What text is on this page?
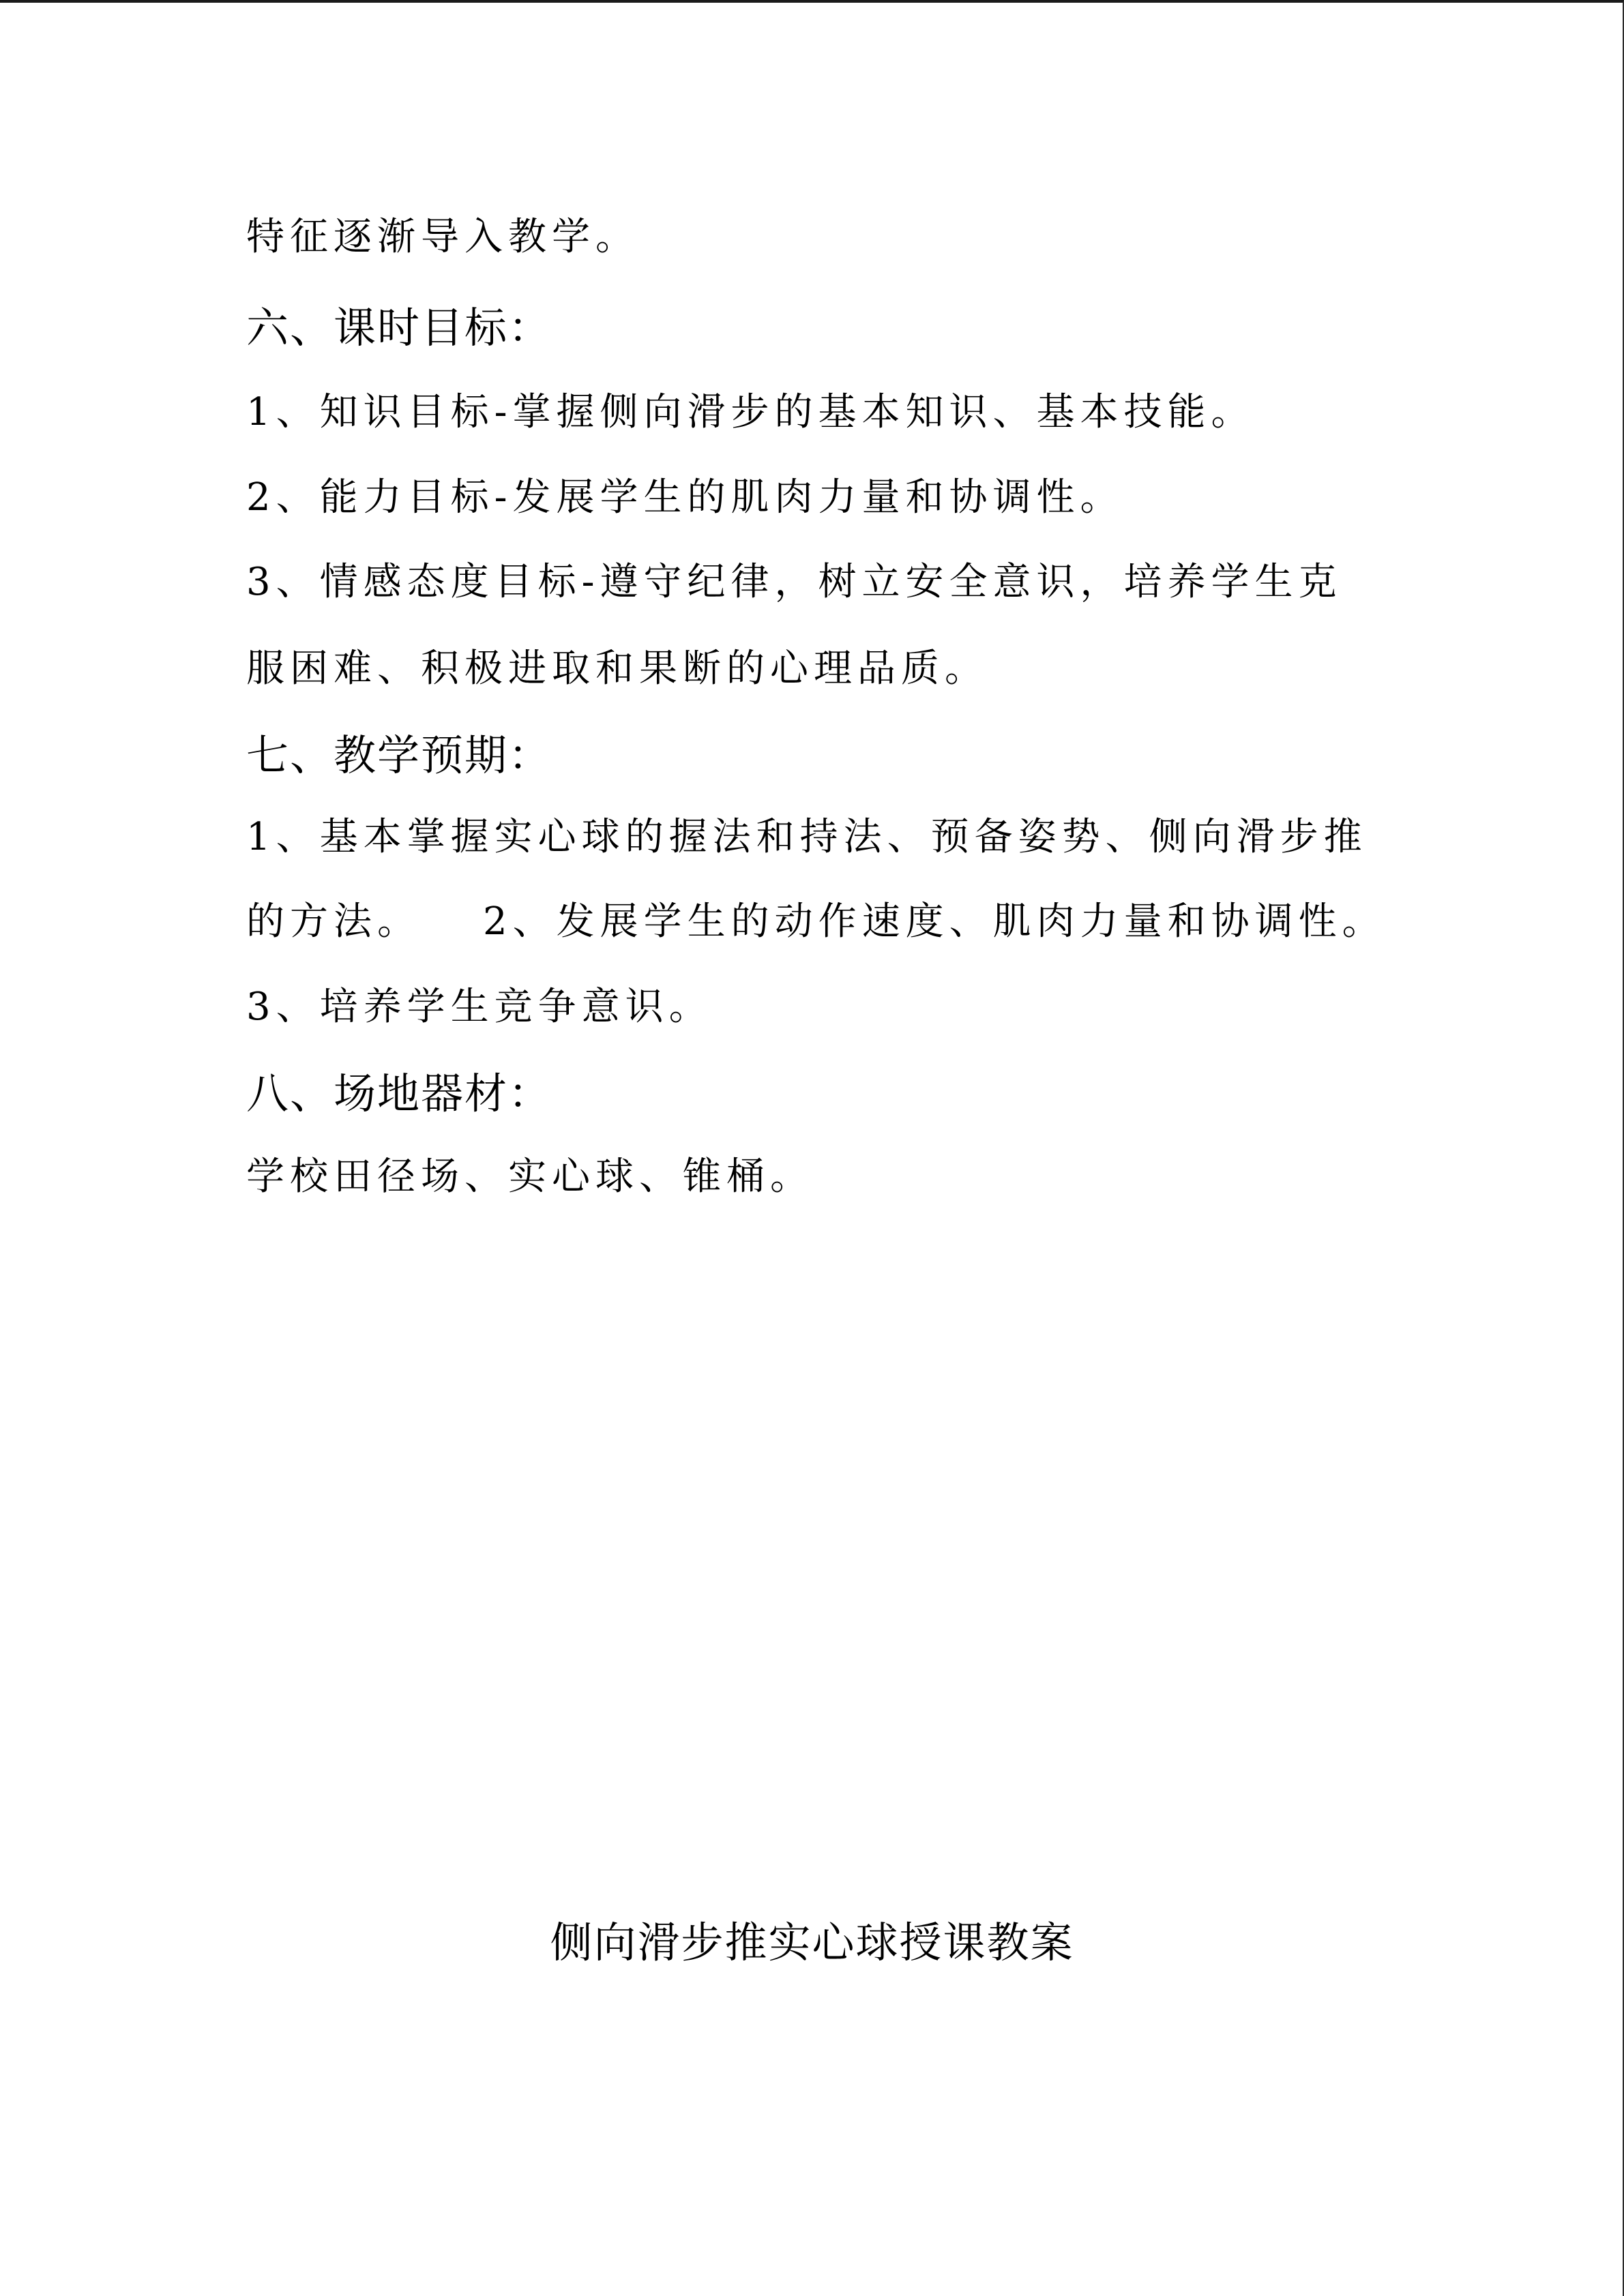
特征逐渐导入教学。
六、课时目标：
1、知识目标-掌握侧向滑步的基本知识、基本技能。
2、能力目标-发展学生的肌肉力量和协调性。
3、情感态度目标-遵守纪律，树立安全意识，培养学生克
服困难、积极进取和果断的心理品质。
七、教学预期：
1、基本掌握实心球的握法和持法、预备姿势、侧向滑步推
的方法。 2、发展学生的动作速度、肌肉力量和协调性。
3、培养学生竞争意识。
八、场地器材：
学校田径场、实心球、锥桶。
侧向滑步推实心球授课教案
